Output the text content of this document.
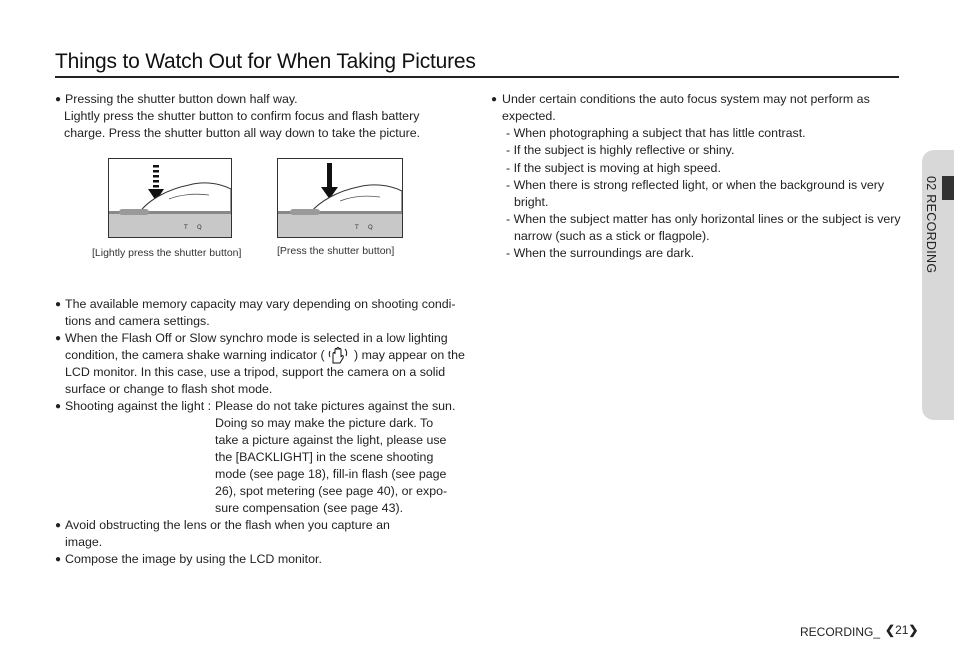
Things to Watch Out for When Taking Pictures
● Pressing the shutter button down half way.
Lightly press the shutter button to confirm focus and flash battery
charge. Press the shutter button all way down to take the picture.
T Q
[Lightly press the shutter button]
T Q
[Press the shutter button]
● The available memory capacity may vary depending on shooting condi-
tions and camera settings.
● When the Flash Off or Slow synchro mode is selected in a low lighting
condition, the camera shake warning indicator ( ) may appear on the
LCD monitor. In this case, use a tripod, support the camera on a solid
surface or change to flash shot mode.
● Shooting against the light : Please do not take pictures against the sun.
Doing so may make the picture dark. To
take a picture against the light, please use
the [BACKLIGHT] in the scene shooting
mode (see page 18), fill-in flash (see page
26), spot metering (see page 40), or expo-
sure compensation (see page 43).
● Avoid obstructing the lens or the flash when you capture an
image.
● Compose the image by using the LCD monitor.
● Under certain conditions the auto focus system may not perform as
expected.
- When photographing a subject that has little contrast.
- If the subject is highly reflective or shiny.
- If the subject is moving at high speed.
- When there is strong reflected light, or when the background is very
bright.
- When the subject matter has only horizontal lines or the subject is very
narrow (such as a stick or flagpole).
- When the surroundings are dark.	02 RECORDING
RECORDING_ ❮21❯
